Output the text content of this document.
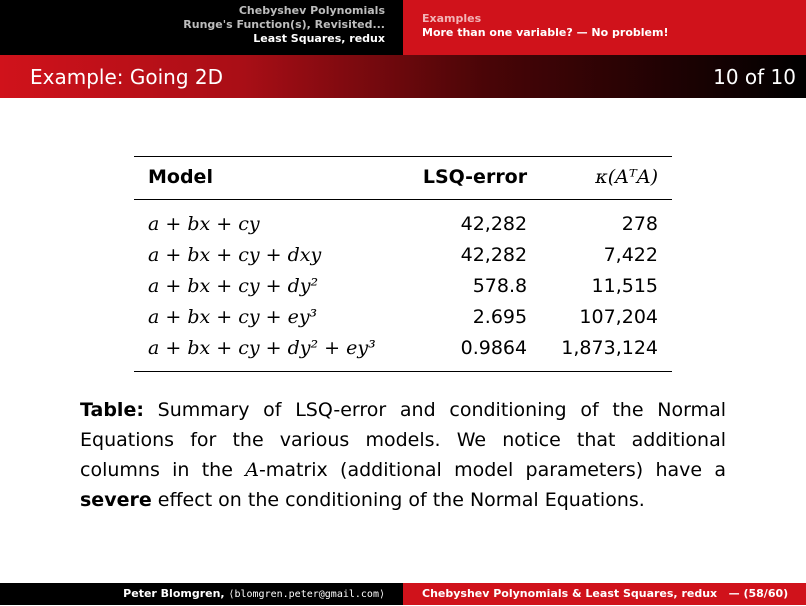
Chebyshev Polynomials
Runge's Function(s), Revisited...
Least Squares, redux
Examples
More than one variable? — No problem!
Example: Going 2D	10 of 10
Model	LSQ-error	κ(AᵀA)
a + bx + cy	42,282	278
a + bx + cy + dxy	42,282	7,422
a + bx + cy + dy²	578.8	11,515
a + bx + cy + ey³	2.695	107,204
a + bx + cy + dy² + ey³	0.9864	1,873,124
Table: Summary of LSQ-error and conditioning of the Normal Equations for the various models. We notice that additional columns in the A-matrix (additional model parameters) have a severe effect on the conditioning of the Normal Equations.
Peter Blomgren, ⟨blomgren.peter@gmail.com⟩	Chebyshev Polynomials & Least Squares, redux — (58/60)
